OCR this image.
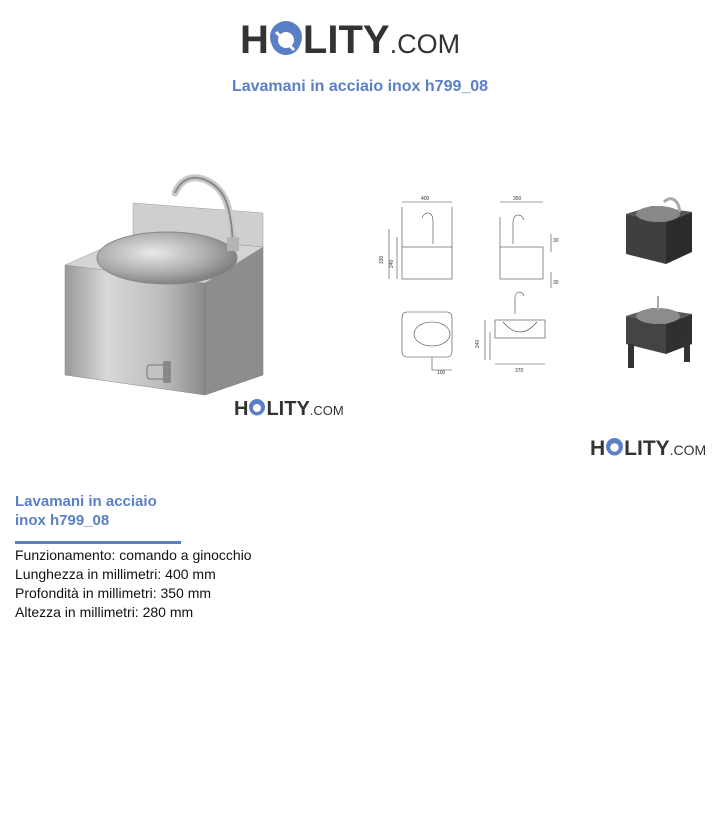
H LITY .COM
Lavamani in acciaio inox h799_08
H LITY .COM
400
330 240
350
30
30
100	370
240
H LITY .COM
Lavamani in acciaio
inox h799_08
Funzionamento: comando a ginocchio
Lunghezza in millimetri: 400 mm
Profondità in millimetri: 350 mm
Altezza in millimetri: 280 mm
